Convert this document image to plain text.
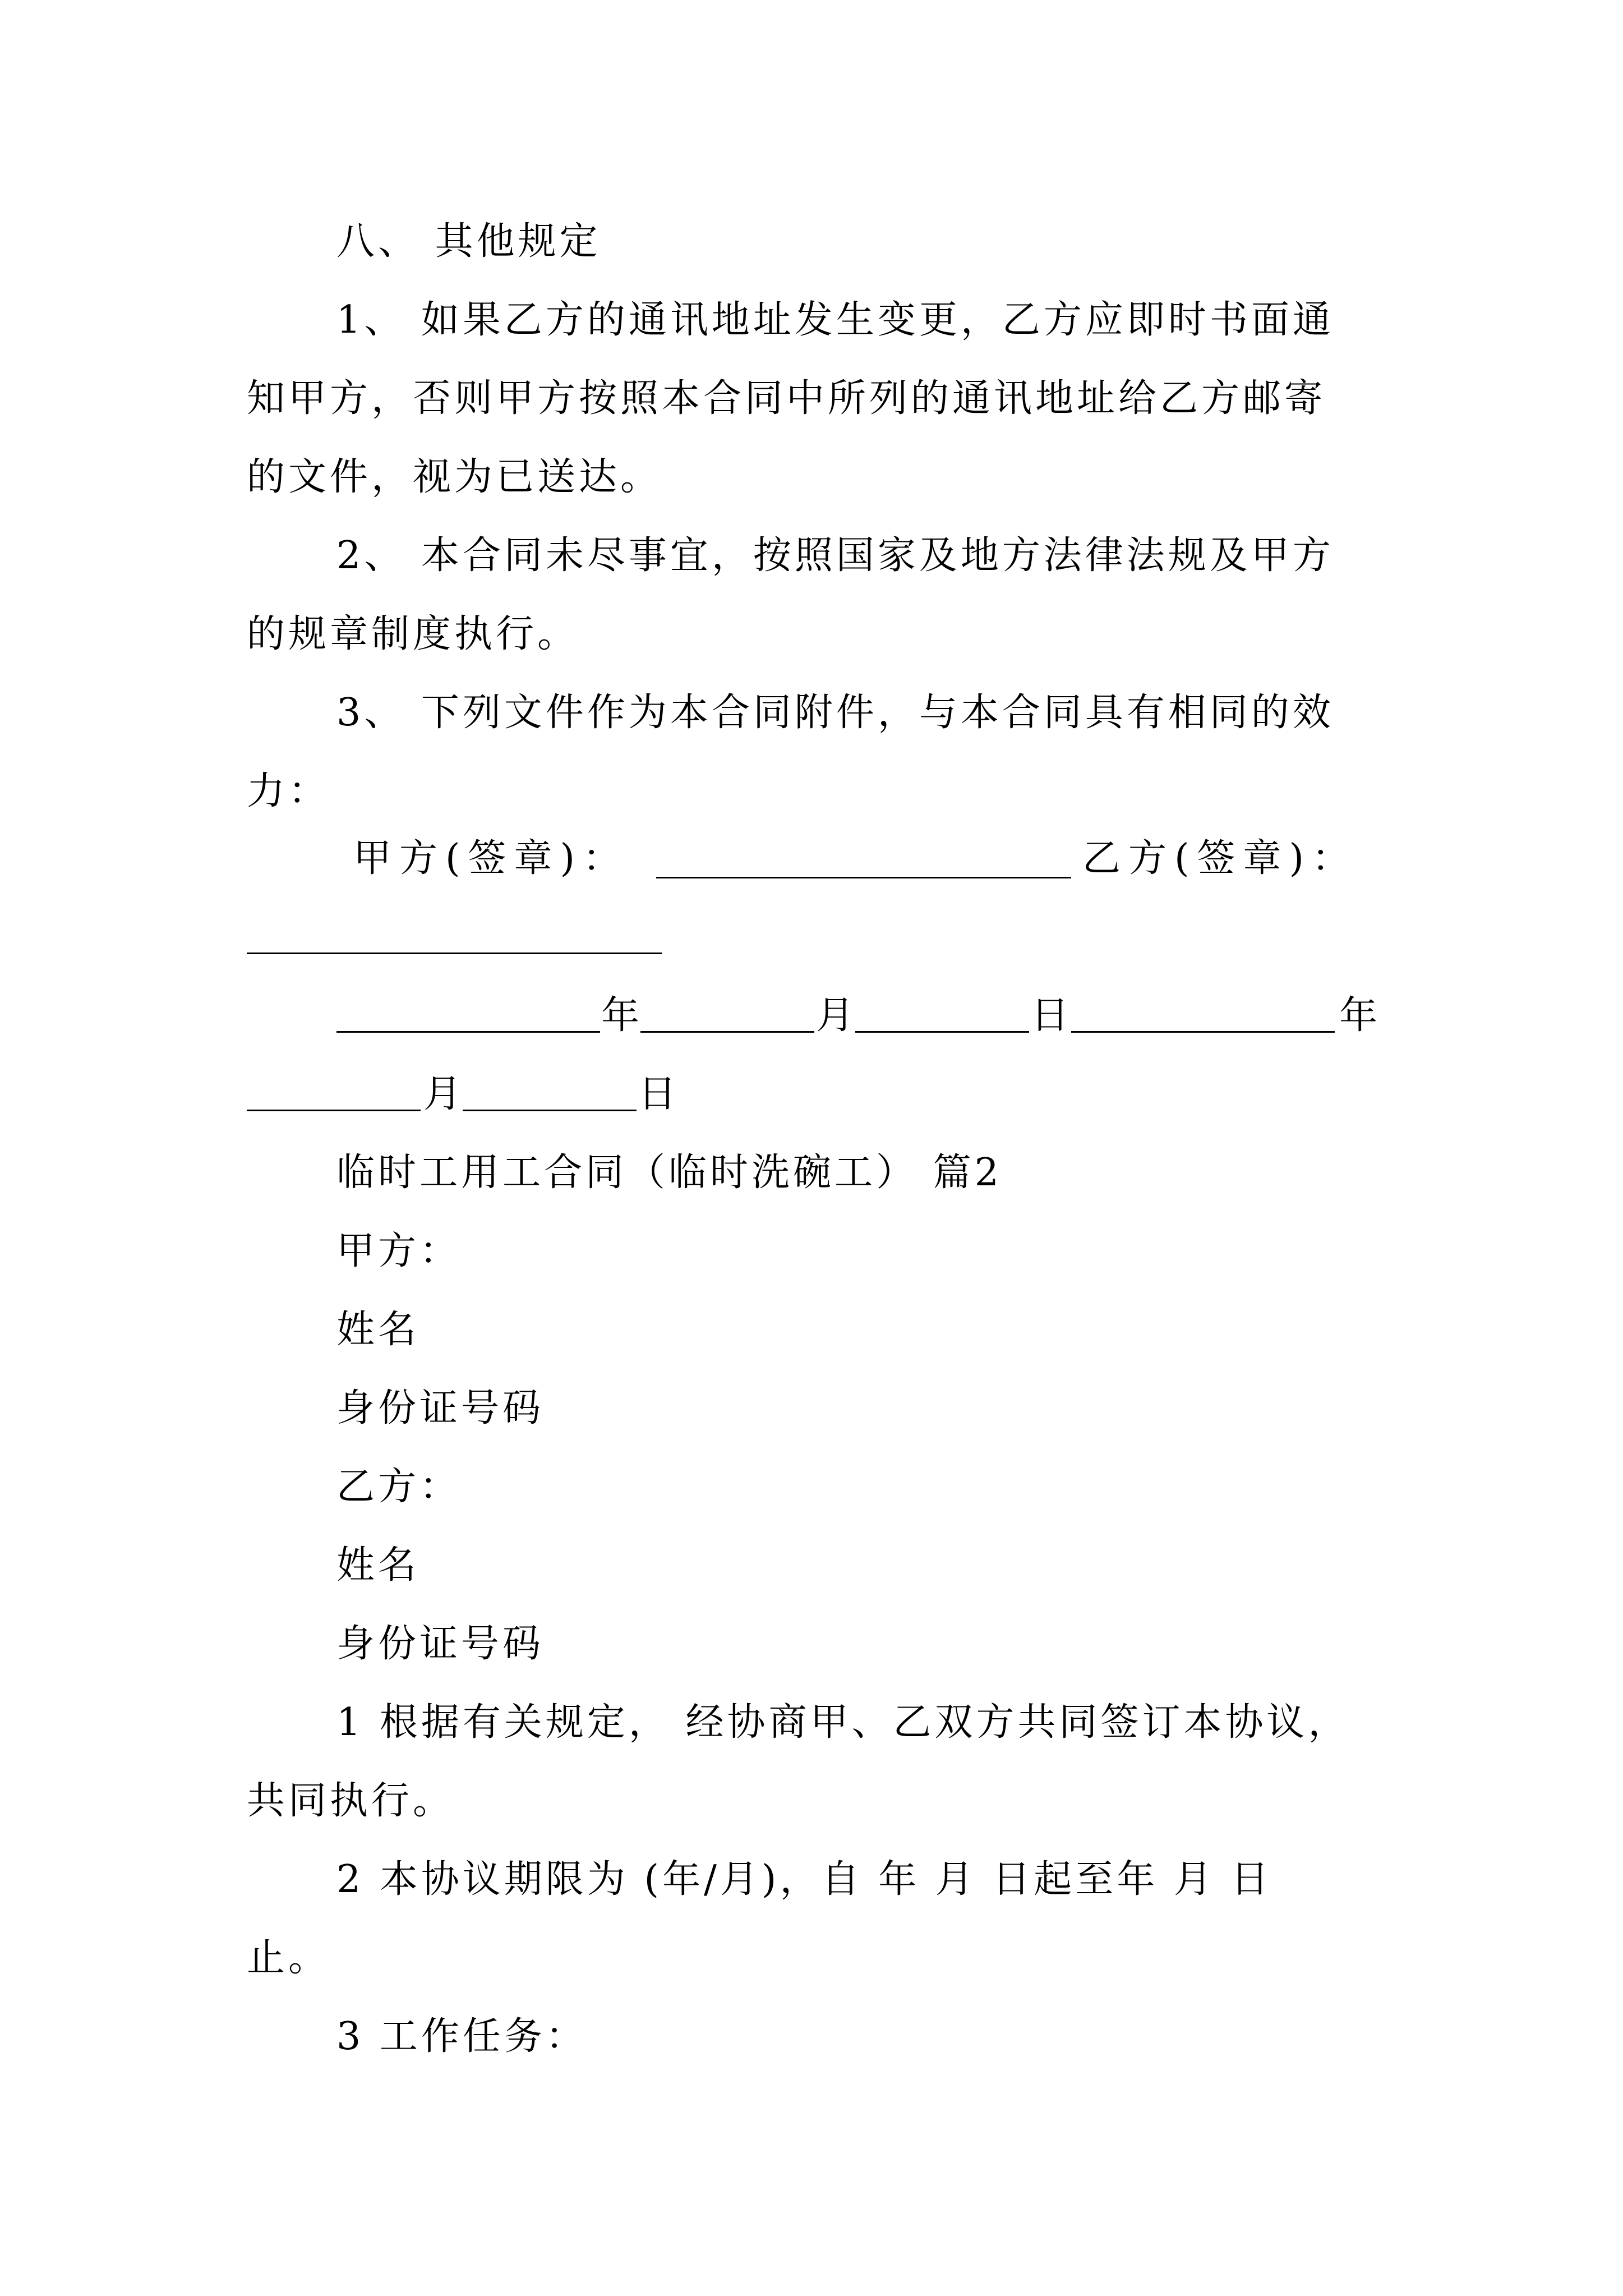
八、 其他规定
1、 如果乙方的通讯地址发生变更，乙方应即时书面通
知甲方，否则甲方按照本合同中所列的通讯地址给乙方邮寄
的文件，视为已送达。
2、 本合同未尽事宜，按照国家及地方法律法规及甲方
的规章制度执行。
3、 下列文件作为本合同附件，与本合同具有相同的效
力：
甲方(签章)：	乙方(签章)：
年	月	日	年
月	日
临时工用工合同（临时洗碗工） 篇2
甲方：
姓名
身份证号码
乙方：
姓名
身份证号码
1 根据有关规定， 经协商甲、乙双方共同签订本协议，
共同执行。
2 本协议期限为 (年/月)，自 年 月 日起至年 月 日
止。
3 工作任务：
